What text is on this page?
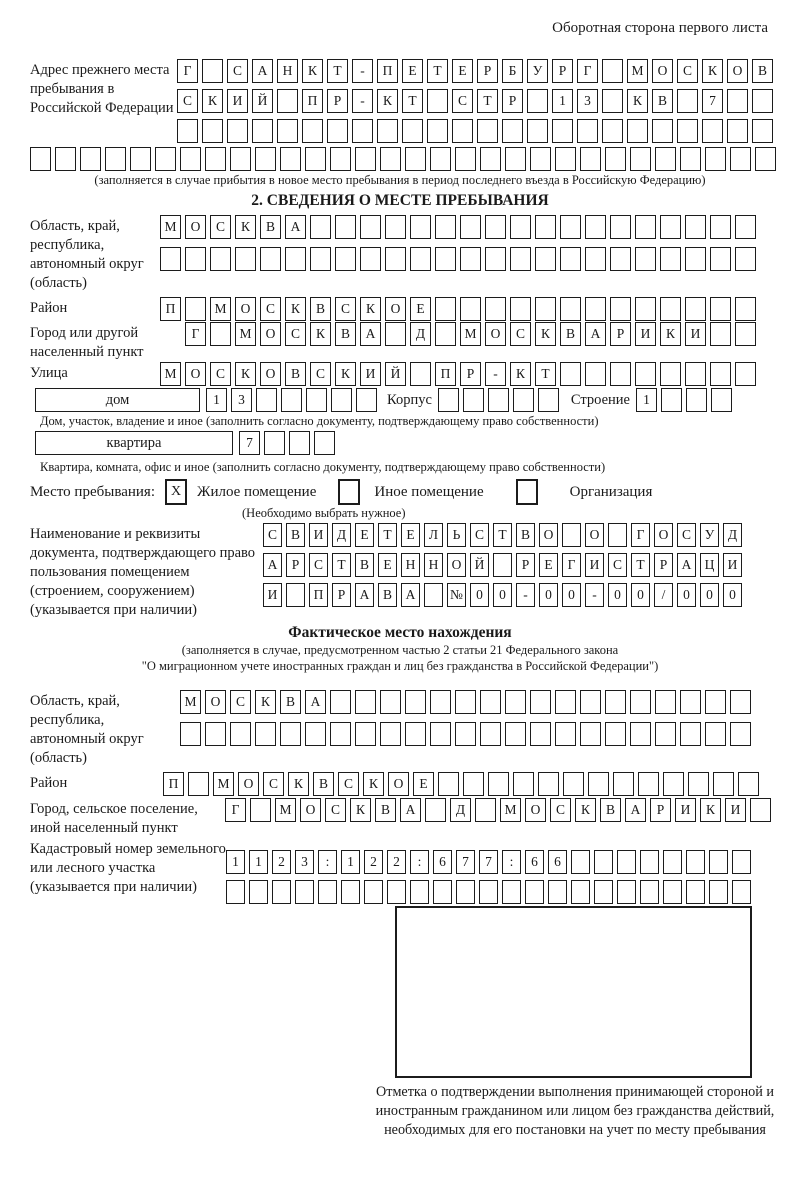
Оборотная сторона первого листа
Адрес прежнего места пребывания в Российской Федерации
Г	С	А	Н	К	Т	-	П	Е	Т	Е	Р	Б	У	Р	Г	М	О	С	К	О	В
С	К	И	Й	П	Р	-	К	Т	С	Т	Р	1	3	К	В	7
(заполняется в случае прибытия в новое место пребывания в период последнего въезда в Российскую Федерацию)
2. СВЕДЕНИЯ О МЕСТЕ ПРЕБЫВАНИЯ
Область, край, республика, автономный округ (область)
М	О	С	К	В	А
Район	П	М	О	С	К	В	С	К	О	Е
Город или другой населенный пункт
Г	М	О	С	К	В	А	Д	М	О	С	К	В	А	Р	И	К	И
Улица	М	О	С	К	О	В	С	К	И	Й	П	Р	-	К	Т
дом	1	3	Корпус	Строение 1
Дом, участок, владение и иное (заполнить согласно документу, подтверждающему право собственности)
квартира	7
Квартира, комната, офис и иное (заполнить согласно документу, подтверждающему право собственности)
Место пребывания:	X	Жилое помещение	Иное помещение	Организация
(Необходимо выбрать нужное)
Наименование и реквизиты документа, подтверждающего право пользования помещением (строением, сооружением) (указывается при наличии)
С	В	И	Д	Е	Т	Е	Л	Ь	С	Т	В	О	О	Г	О	С	У	Д
А	Р	С	Т	В	Е	Н Н О Й	Р	Е	Г	И	С	Т	Р	А Ц И
И	П	Р	А	В	А	№ 0	0	-	0	0	-	0	0	/	0	0	0
Фактическое место нахождения
(заполняется в случае, предусмотренном частью 2 статьи 21 Федерального закона
"О миграционном учете иностранных граждан и лиц без гражданства в Российской Федерации")
Область, край, республика, автономный округ (область)
М	О	С	К	В	А
Район	П	М	О	С	К	В	С	К	О	Е
Город, сельское поселение, иной населенный пункт
Г	М	О	С	К	В	А	Д	М	О	С	К	В	А	Р	И	К	И
Кадастровый номер земельного или лесного участка (указывается при наличии)
1	1	2	3	:	1	2	2	:	6	7	7	:	6	6
Отметка о подтверждении выполнения принимающей стороной и иностранным гражданином или лицом без гражданства действий, необходимых для его постановки на учет по месту пребывания
